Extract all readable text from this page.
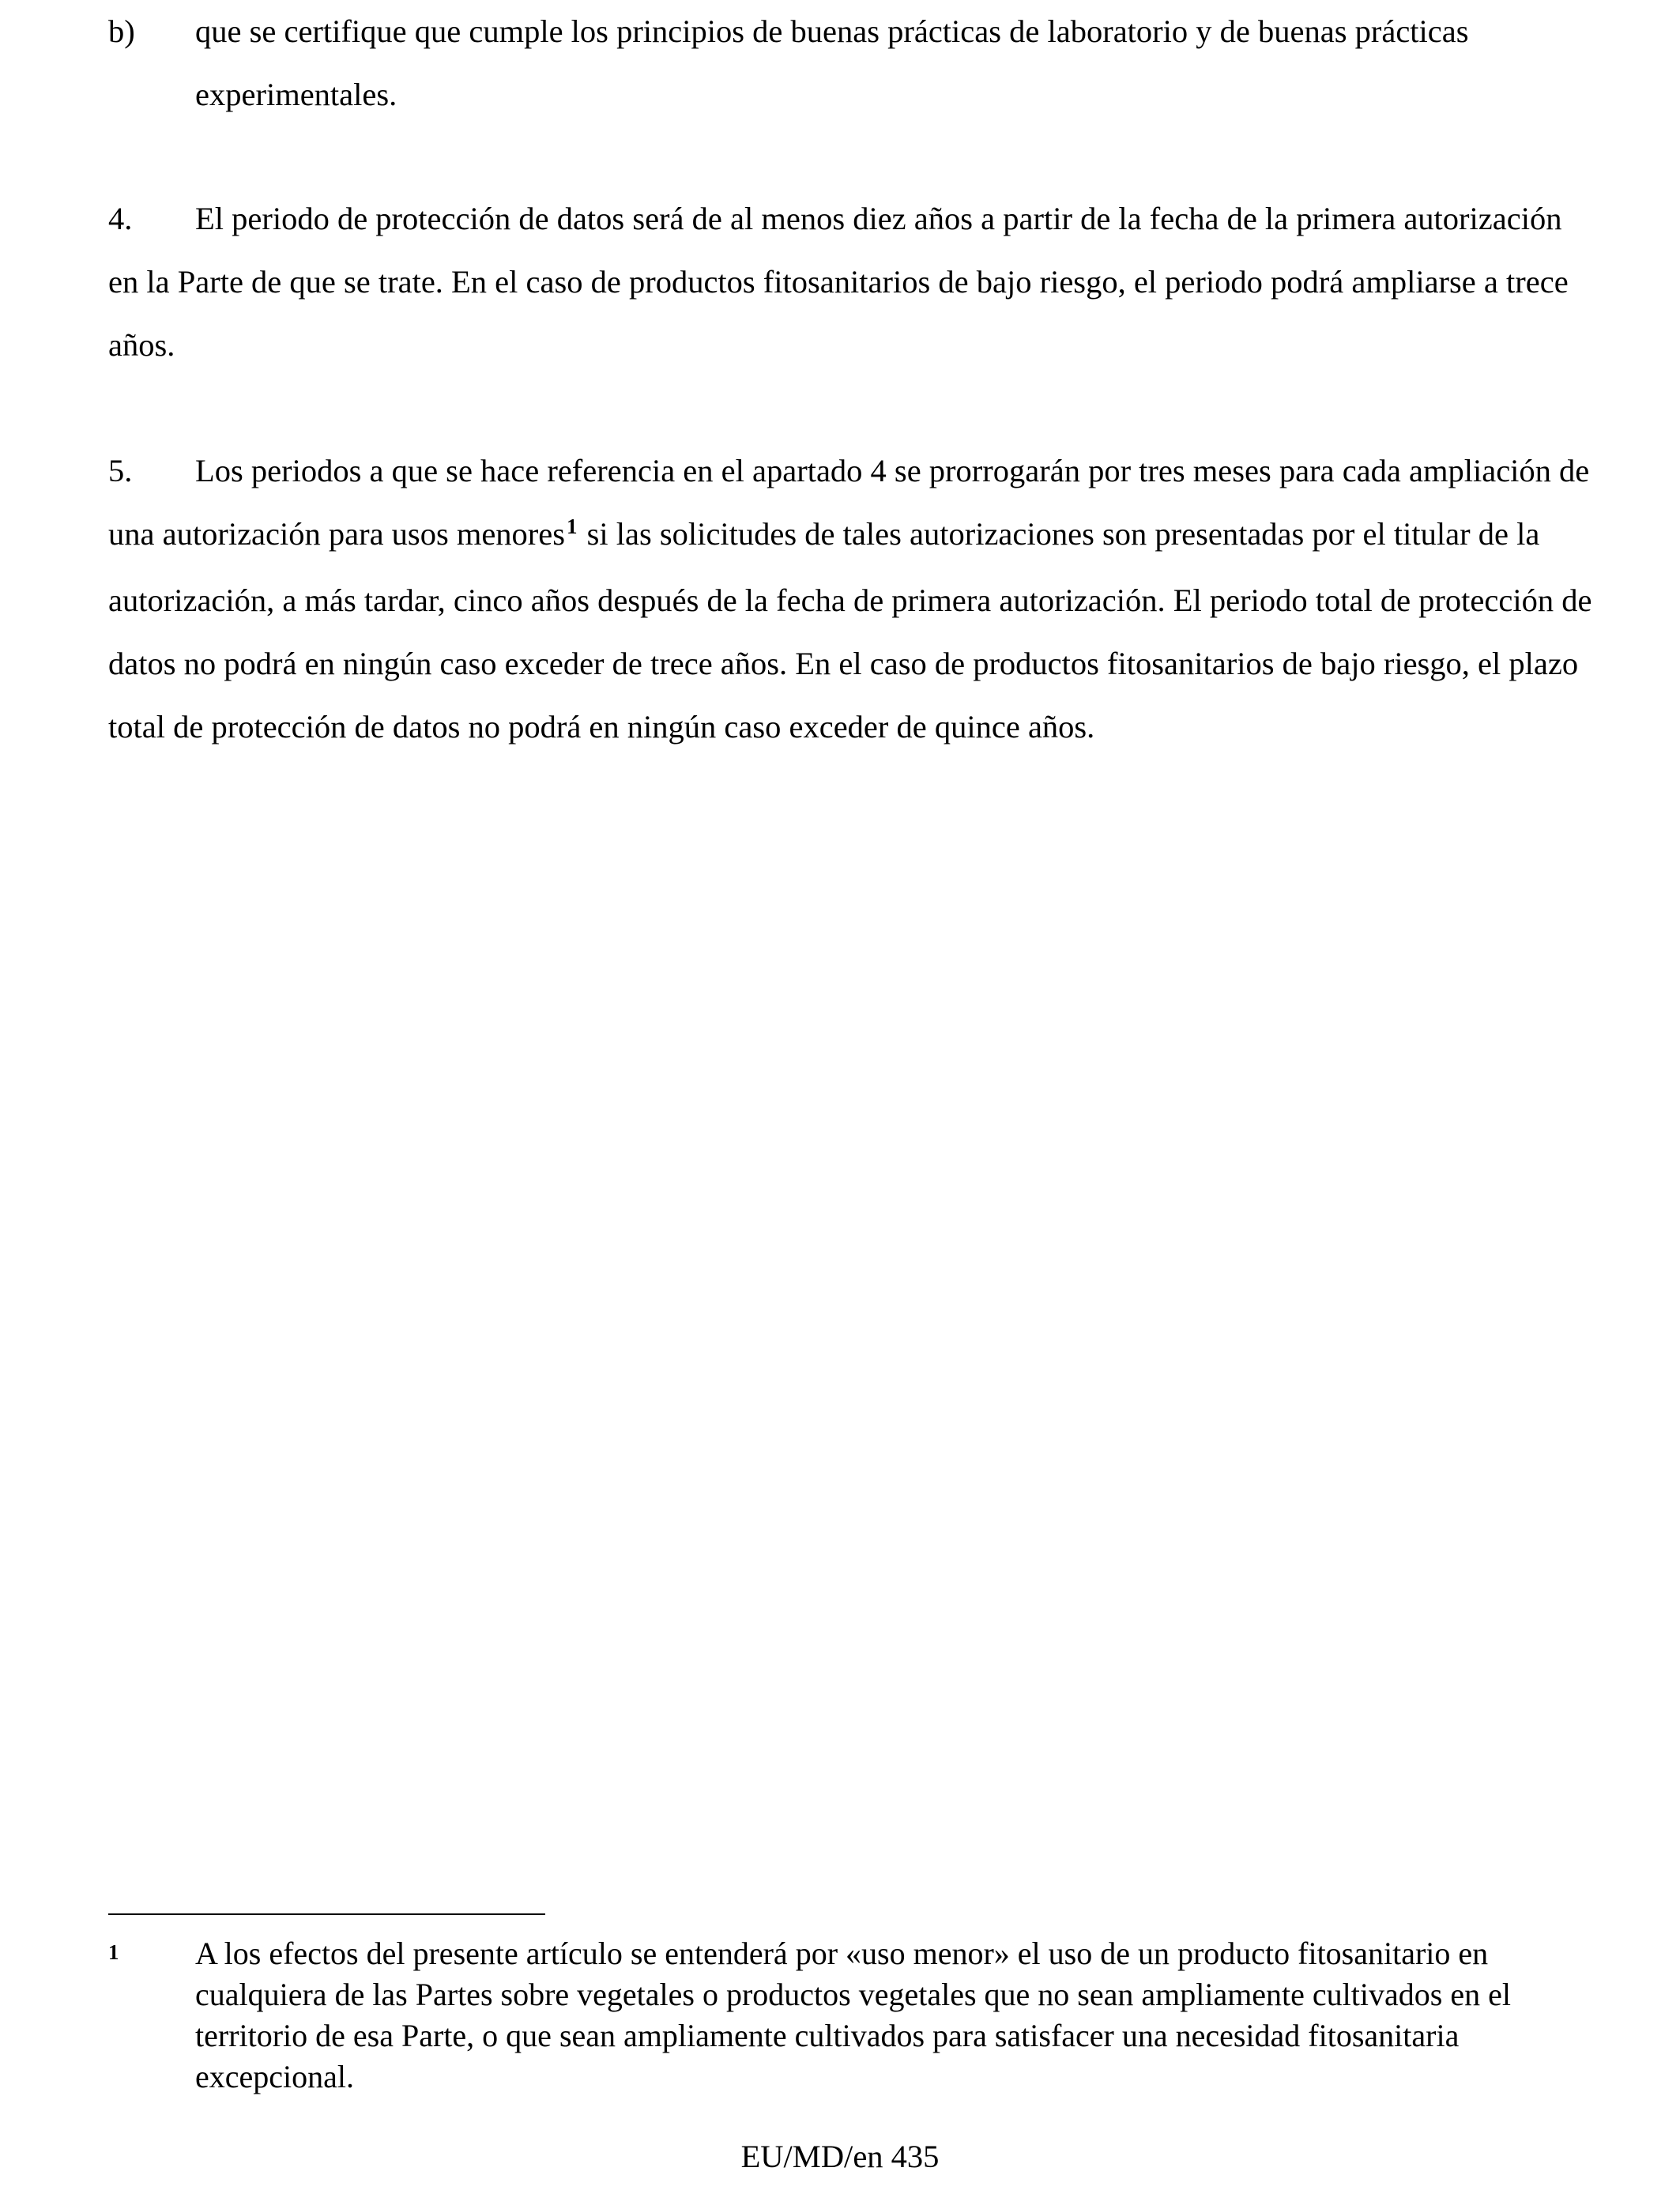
b) que se certifique que cumple los principios de buenas prácticas de laboratorio y de buenas prácticas experimentales.
4. El periodo de protección de datos será de al menos diez años a partir de la fecha de la primera autorización en la Parte de que se trate. En el caso de productos fitosanitarios de bajo riesgo, el periodo podrá ampliarse a trece años.
5. Los periodos a que se hace referencia en el apartado 4 se prorrogarán por tres meses para cada ampliación de una autorización para usos menores$^1$ si las solicitudes de tales autorizaciones son presentadas por el titular de la autorización, a más tardar, cinco años después de la fecha de primera autorización. El periodo total de protección de datos no podrá en ningún caso exceder de trece años. En el caso de productos fitosanitarios de bajo riesgo, el plazo total de protección de datos no podrá en ningún caso exceder de quince años.
1 A los efectos del presente artículo se entenderá por «uso menor» el uso de un producto fitosanitario en cualquiera de las Partes sobre vegetales o productos vegetales que no sean ampliamente cultivados en el territorio de esa Parte, o que sean ampliamente cultivados para satisfacer una necesidad fitosanitaria excepcional.
EU/MD/en 435
